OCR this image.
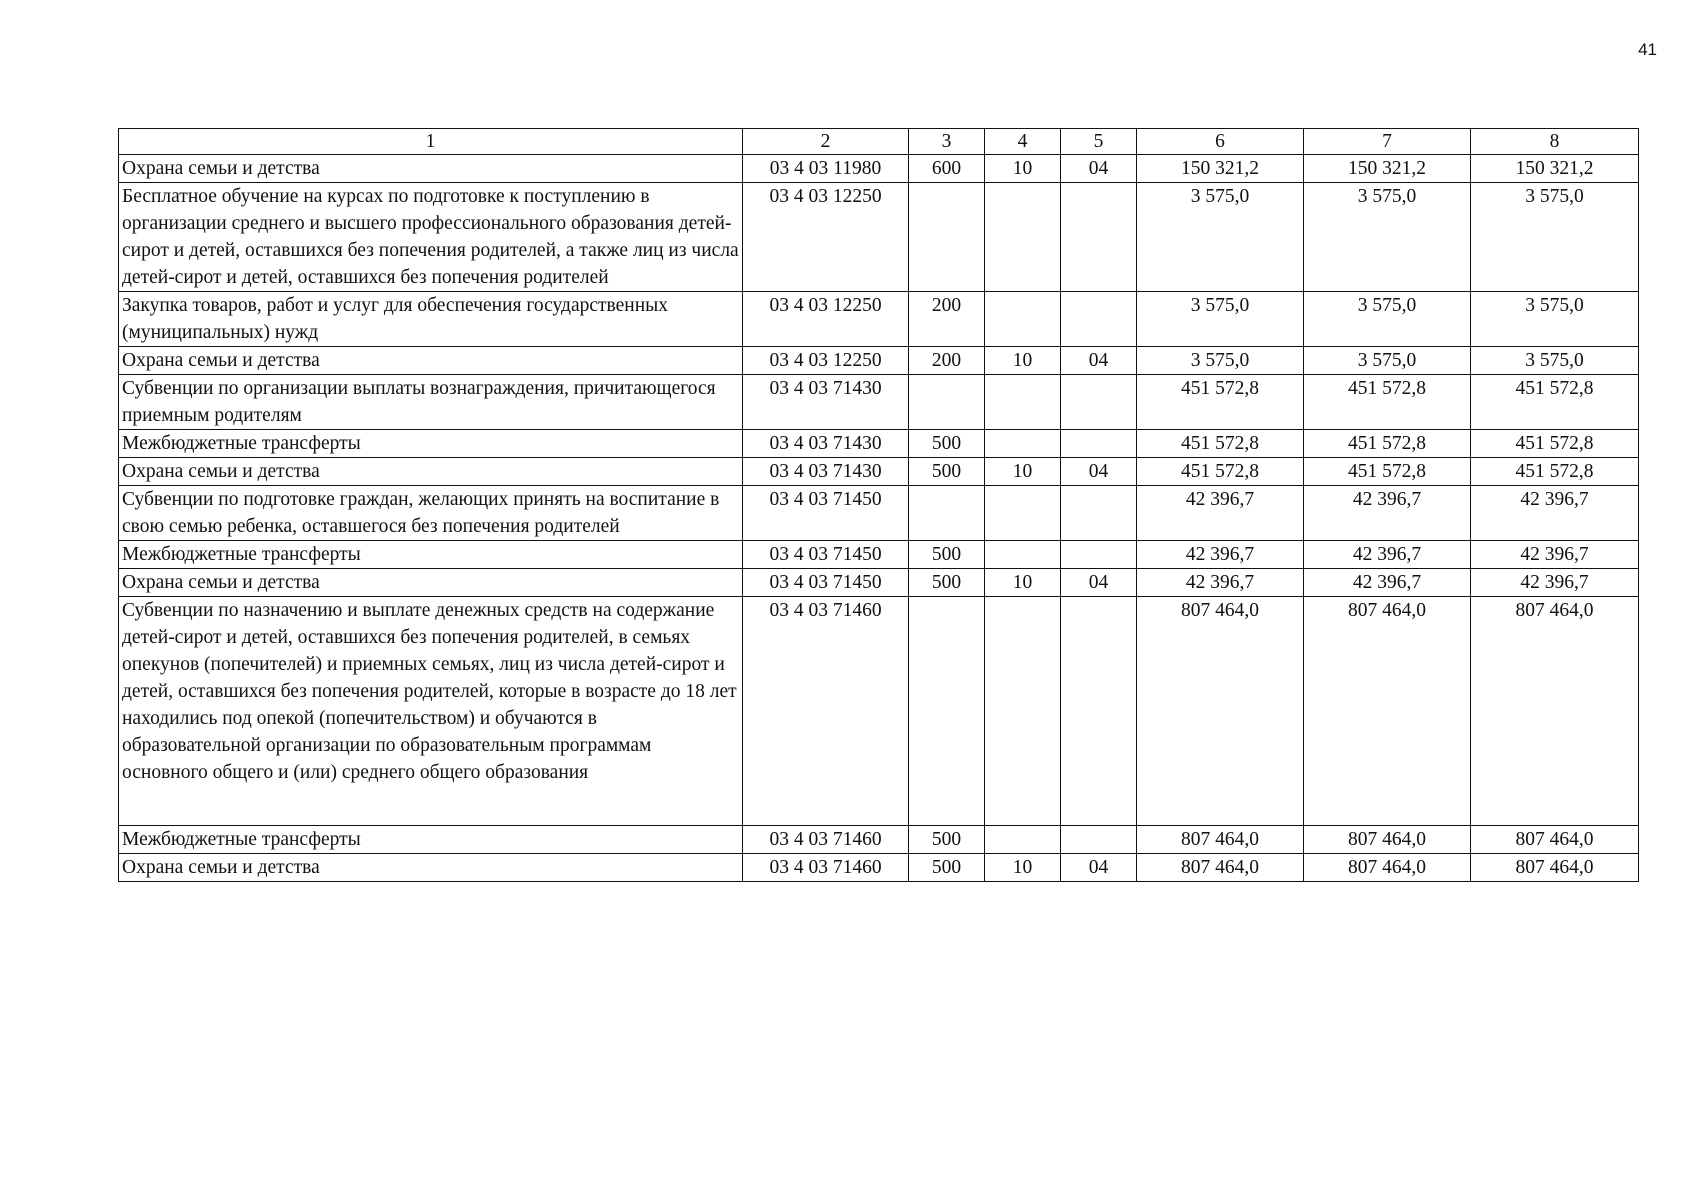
41
1	2	3	4	5	6	7	8
Охрана семьи и детства	03 4 03 11980	600	10	04	150 321,2	150 321,2	150 321,2
Бесплатное обучение на курсах по подготовке к поступлению в организации среднего и высшего профессионального образования детей-сирот и детей, оставшихся без попечения родителей, а также лиц из числа детей-сирот и детей, оставшихся без попечения родителей	03 4 03 12250				3 575,0	3 575,0	3 575,0
Закупка товаров, работ и услуг для обеспечения государственных (муниципальных) нужд	03 4 03 12250	200			3 575,0	3 575,0	3 575,0
Охрана семьи и детства	03 4 03 12250	200	10	04	3 575,0	3 575,0	3 575,0
Субвенции по организации выплаты вознаграждения, причитающегося приемным родителям	03 4 03 71430				451 572,8	451 572,8	451 572,8
Межбюджетные трансферты	03 4 03 71430	500			451 572,8	451 572,8	451 572,8
Охрана семьи и детства	03 4 03 71430	500	10	04	451 572,8	451 572,8	451 572,8
Субвенции по подготовке граждан, желающих принять на воспитание в свою семью ребенка, оставшегося без попечения родителей	03 4 03 71450				42 396,7	42 396,7	42 396,7
Межбюджетные трансферты	03 4 03 71450	500			42 396,7	42 396,7	42 396,7
Охрана семьи и детства	03 4 03 71450	500	10	04	42 396,7	42 396,7	42 396,7
Субвенции по назначению и выплате денежных средств на содержание детей-сирот и детей, оставшихся без попечения родителей, в семьях опекунов (попечителей) и приемных семьях, лиц из числа детей-сирот и детей, оставшихся без попечения родителей, которые в возрасте до 18 лет находились под опекой (попечительством) и обучаются в образовательной организации по образовательным программам основного общего и (или) среднего общего образования	03 4 03 71460				807 464,0	807 464,0	807 464,0
Межбюджетные трансферты	03 4 03 71460	500			807 464,0	807 464,0	807 464,0
Охрана семьи и детства	03 4 03 71460	500	10	04	807 464,0	807 464,0	807 464,0
